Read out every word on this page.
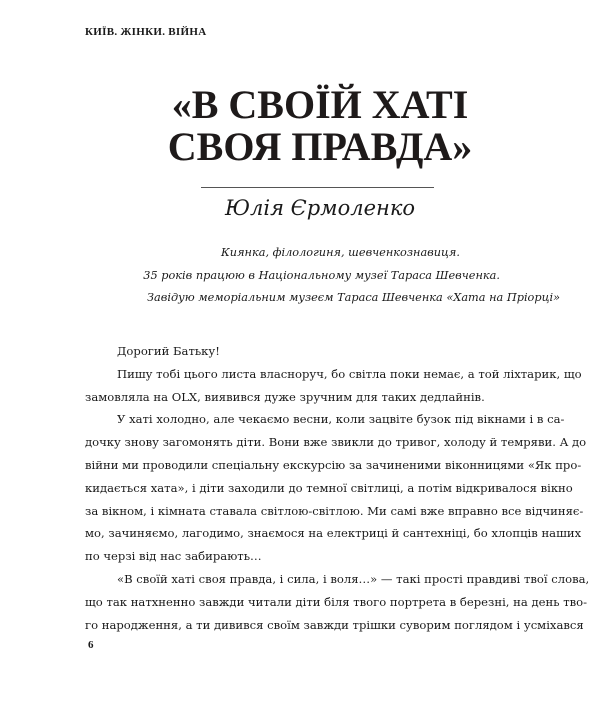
КИЇВ. ЖІНКИ. ВІЙНА
«В СВОЇЙ ХАТІ
СВОЯ ПРАВДА»
Юлія Єрмоленко
Киянка, філологиня, шевченкознавиця.
35 років працюю в Національному музеї Тараса Шевченка.
Завідую меморіальним музеєм Тараса Шевченка «Хата на Пріорці»
Дорогий Батьку!
Пишу тобі цього листа власноруч, бо світла поки немає, а той ліхтарик, що
замовляла на OLX, виявився дуже зручним для таких дедлайнів.
У хаті холодно, але чекаємо весни, коли зацвіте бузок під вікнами і в са-
дочку знову загомонять діти. Вони вже звикли до тривог, холоду й темряви. А до
війни ми проводили спеціальну екскурсію за зачиненими віконницями «Як про-
кидається хата», і діти заходили до темної світлиці, а потім відкривалося вікно
за вікном, і кімната ставала світлою-світлою. Ми самі вже вправно все відчиняє-
мо, зачиняємо, лагодимо, знаємося на електриці й сантехніці, бо хлопців наших
по черзі від нас забирають…
«В своїй хаті своя правда, і сила, і воля…» — такі прості правдиві твої слова,
що так натхненно завжди читали діти біля твого портрета в березні, на день тво-
го народження, а ти дивився своїм завжди трішки суворим поглядом і усміхався
6
